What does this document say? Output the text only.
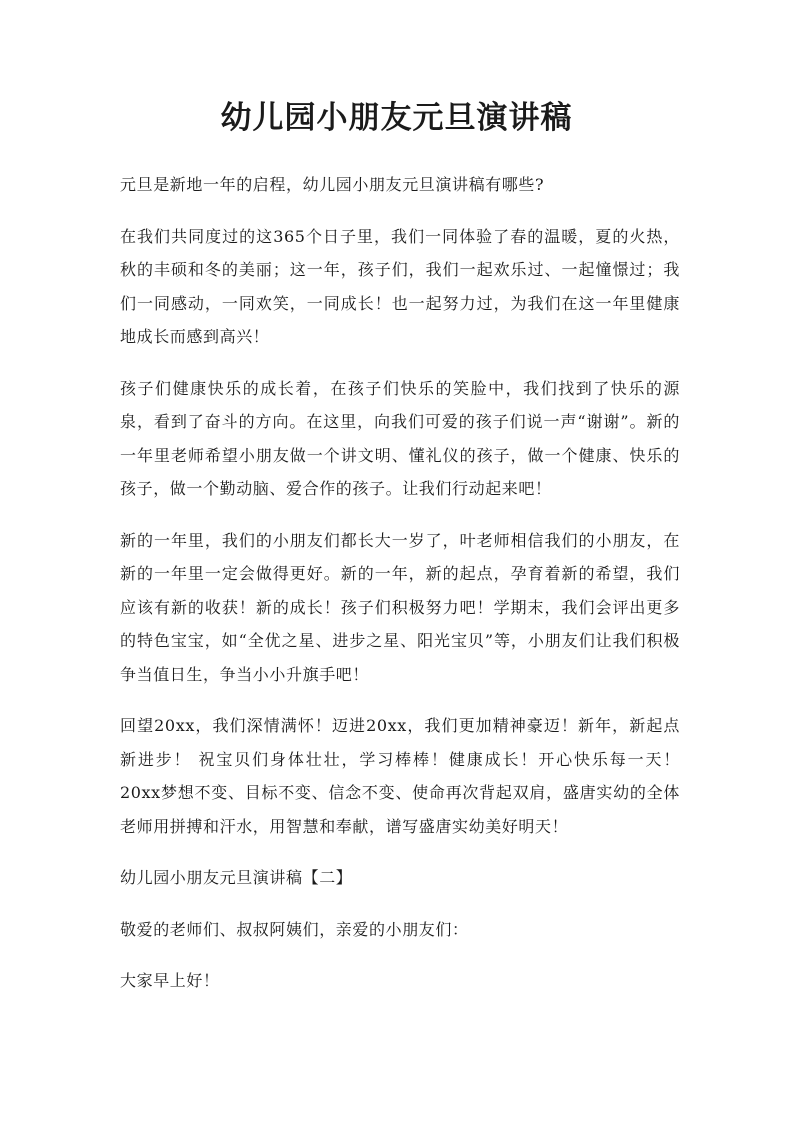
幼儿园小朋友元旦演讲稿

元旦是新地一年的启程，幼儿园小朋友元旦演讲稿有哪些?

在我们共同度过的这365个日子里，我们一同体验了春的温暖，夏的火热，秋的丰硕和冬的美丽；这一年，孩子们，我们一起欢乐过、一起憧憬过；我们一同感动，一同欢笑，一同成长！也一起努力过，为我们在这一年里健康地成长而感到高兴！

孩子们健康快乐的成长着，在孩子们快乐的笑脸中，我们找到了快乐的源泉，看到了奋斗的方向。在这里，向我们可爱的孩子们说一声“谢谢”。新的一年里老师希望小朋友做一个讲文明、懂礼仪的孩子，做一个健康、快乐的孩子，做一个勤动脑、爱合作的孩子。让我们行动起来吧！

新的一年里，我们的小朋友们都长大一岁了，叶老师相信我们的小朋友，在新的一年里一定会做得更好。新的一年，新的起点，孕育着新的希望，我们应该有新的收获！新的成长！孩子们积极努力吧！学期末，我们会评出更多的特色宝宝，如“全优之星、进步之星、阳光宝贝”等，小朋友们让我们积极争当值日生，争当小小升旗手吧！

回望20xx，我们深情满怀！迈进20xx，我们更加精神豪迈！新年，新起点新进步！ 祝宝贝们身体壮壮，学习棒棒！健康成长！开心快乐每一天！20xx梦想不变、目标不变、信念不变、使命再次背起双肩，盛唐实幼的全体老师用拼搏和汗水，用智慧和奉献，谱写盛唐实幼美好明天！

幼儿园小朋友元旦演讲稿【二】

敬爱的老师们、叔叔阿姨们，亲爱的小朋友们：

大家早上好！
